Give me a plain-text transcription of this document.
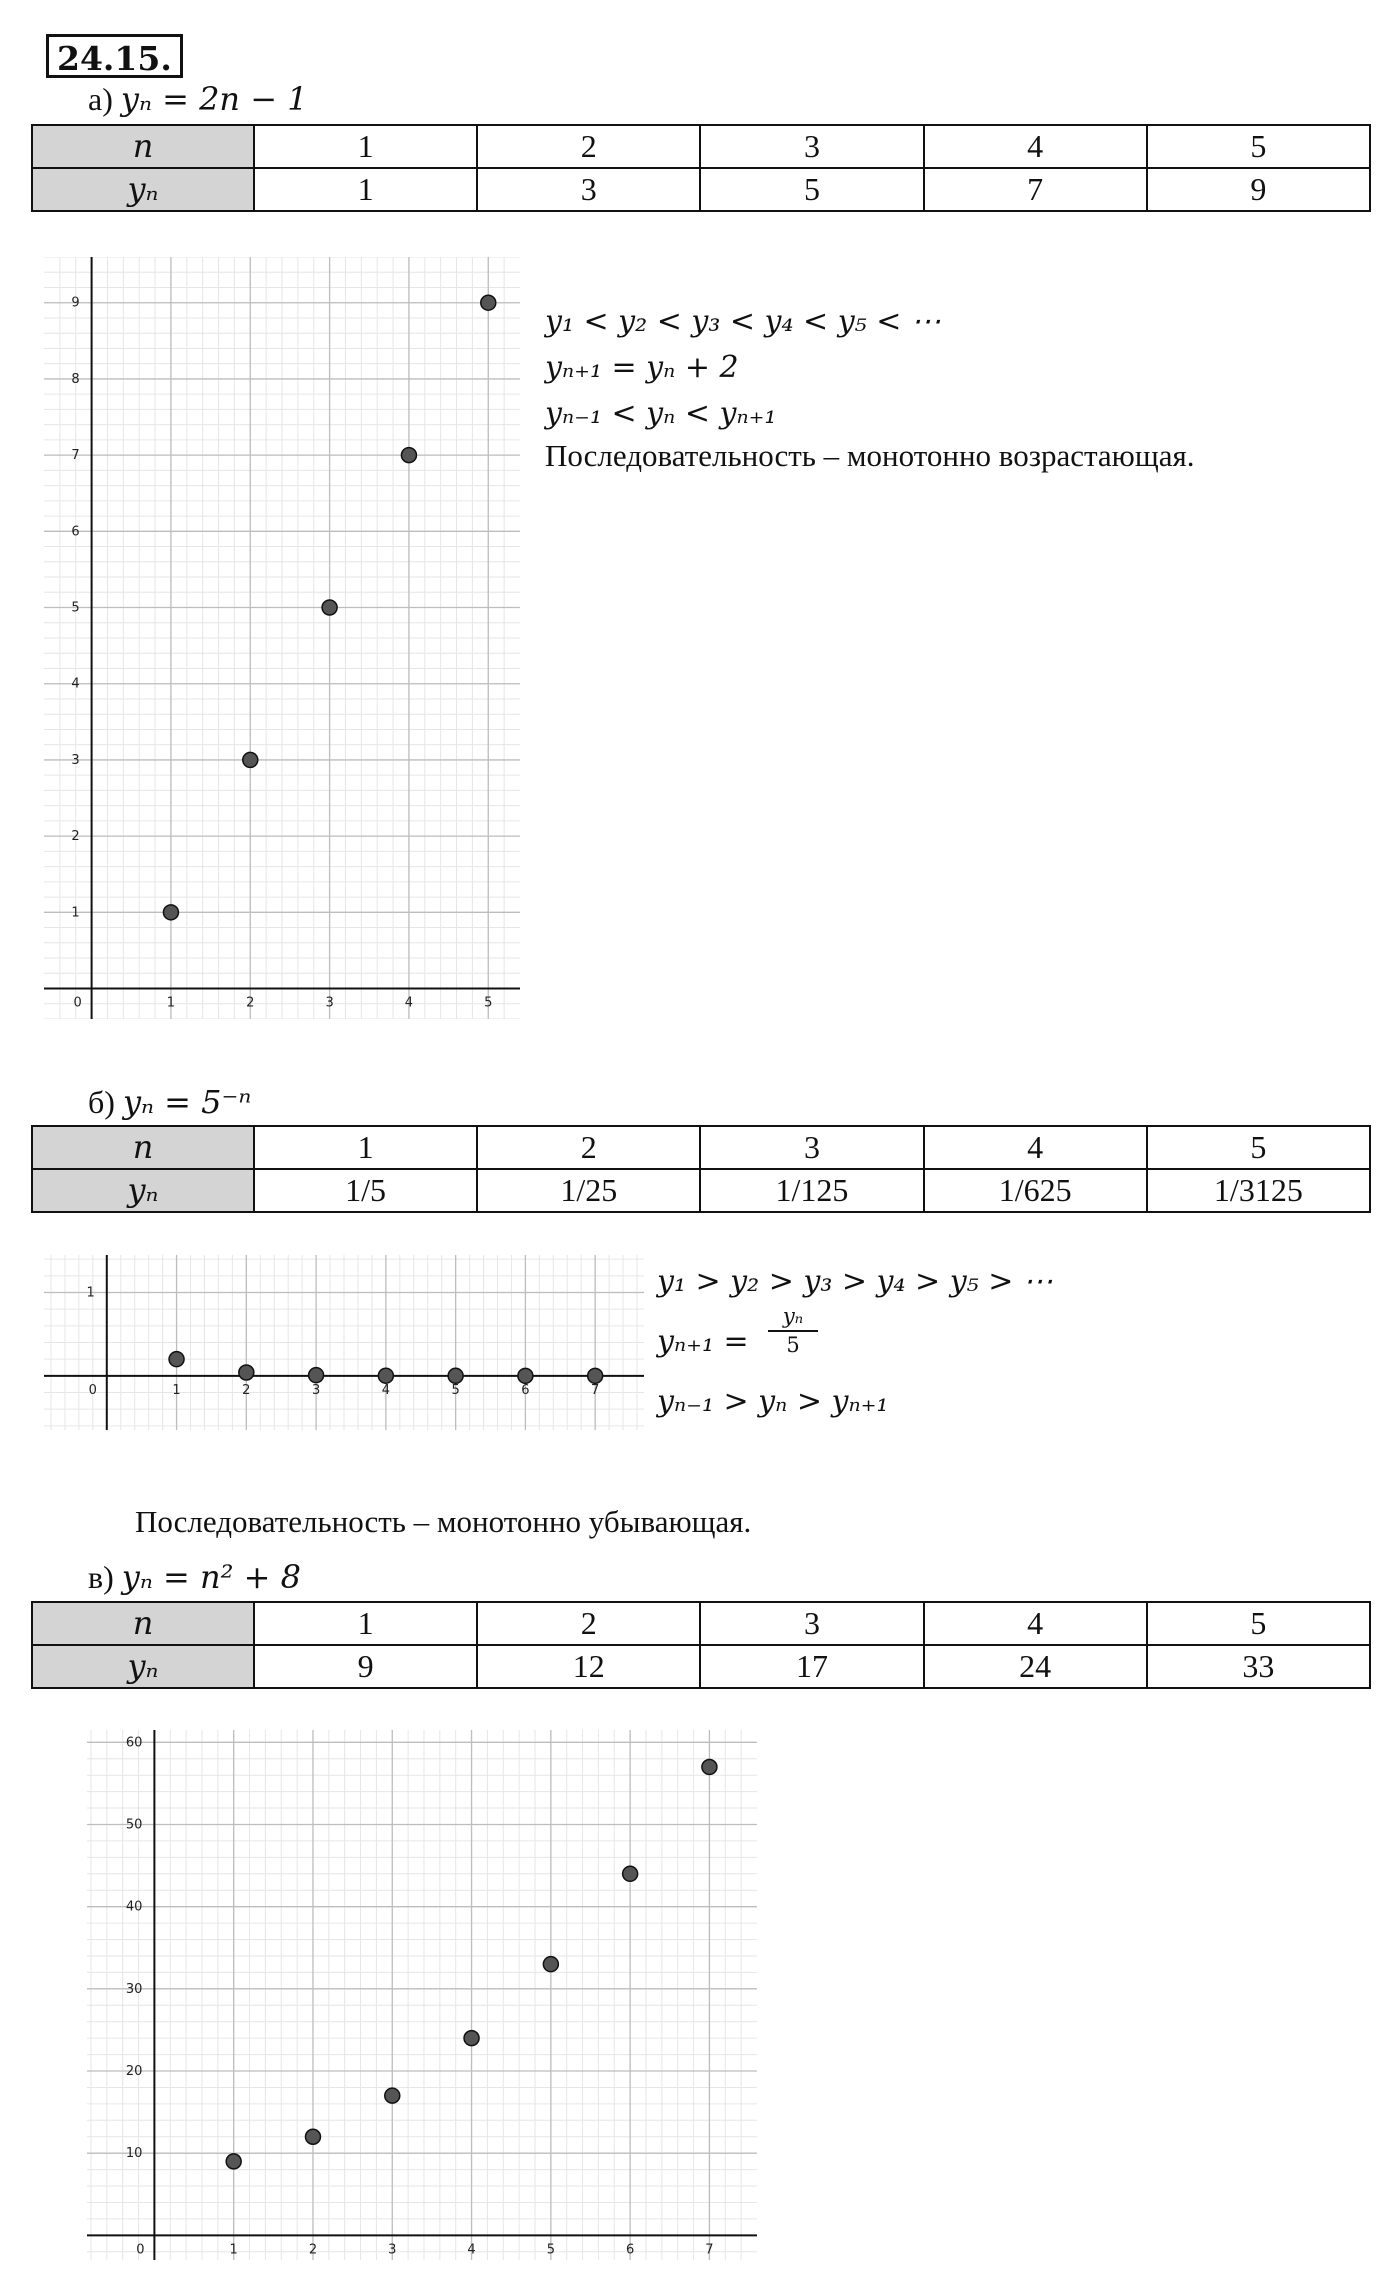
24.15.
а) yₙ = 2n − 1
n	1	2	3	4	5
yₙ	1	3	5	7	9
0	1	2	3	4	5
1
2
3
4
5
6
7
8
9
y₁ < y₂ < y₃ < y₄ < y₅ < ⋯
yₙ₊₁ = yₙ + 2
yₙ₋₁ < yₙ < yₙ₊₁
Последовательность – монотонно возрастающая.
б) yₙ = 5⁻ⁿ
n	1	2	3	4	5
yₙ	1/5	1/25	1/125	1/625	1/3125
0	1	2	3	4	5	6	7
1	y₁ > y₂ > y₃ > y₄ > y₅ > ⋯
$y_{n+1} = \frac{\text{yₙ}}{5}$
yₙ₋₁ > yₙ > yₙ₊₁
Последовательность – монотонно убывающая.
в) yₙ = n² + 8
n	1	2	3	4	5
yₙ	9	12	17	24	33
0	1	2	3	4	5	6	7
10
20
30
40
50
60
